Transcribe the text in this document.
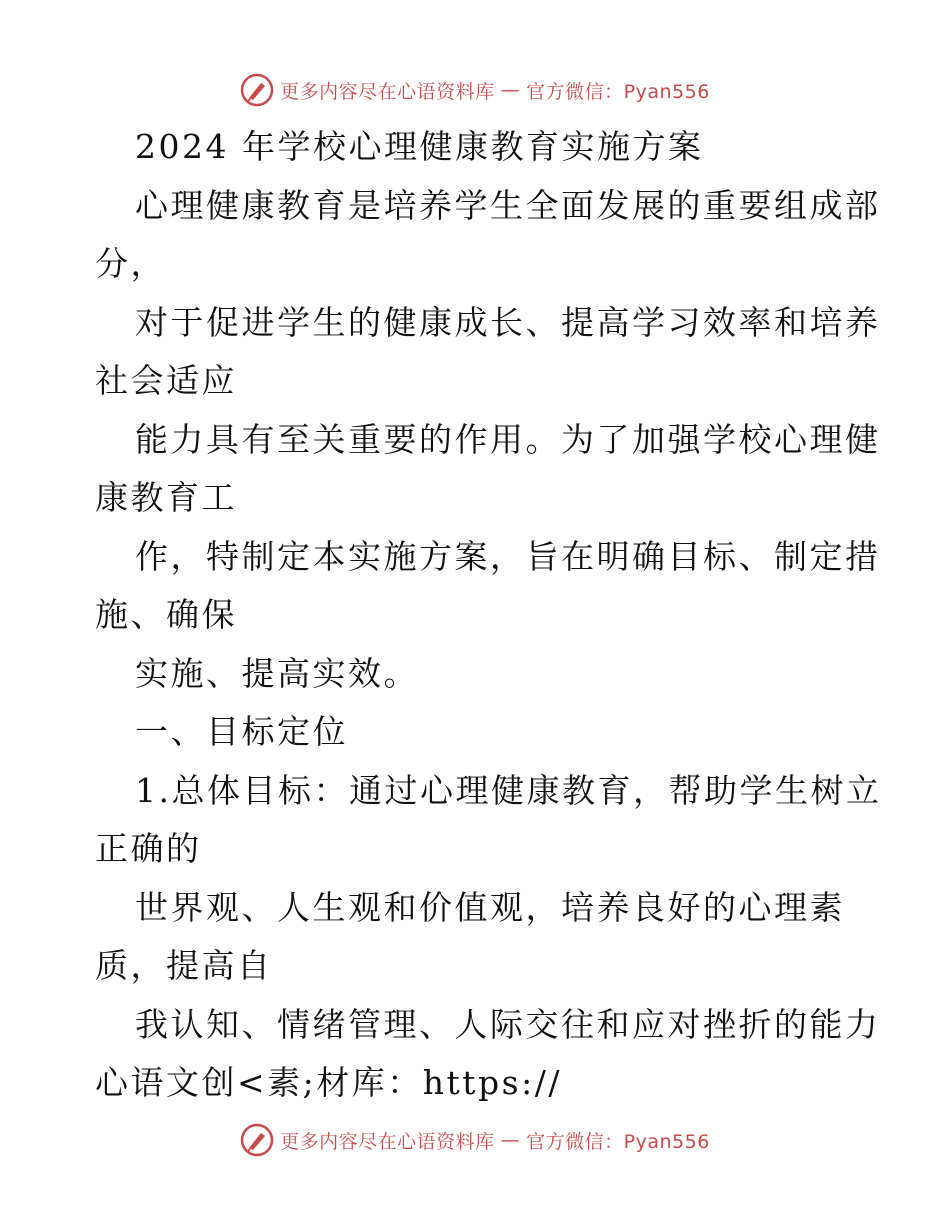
更多内容尽在心语资料库 — 官方微信：Pyan556
2024 年学校心理健康教育实施方案
心理健康教育是培养学生全面发展的重要组成部
分，
对于促进学生的健康成长、提高学习效率和培养
社会适应
能力具有至关重要的作用。为了加强学校心理健
康教育工
作，特制定本实施方案，旨在明确目标、制定措
施、确保
实施、提高实效。
一、目标定位
1.总体目标：通过心理健康教育，帮助学生树立
正确的
世界观、人生观和价值观，培养良好的心理素
质，提高自
我认知、情绪管理、人际交往和应对挫折的能力
心语文创<素;材库：https://
更多内容尽在心语资料库 — 官方微信：Pyan556
